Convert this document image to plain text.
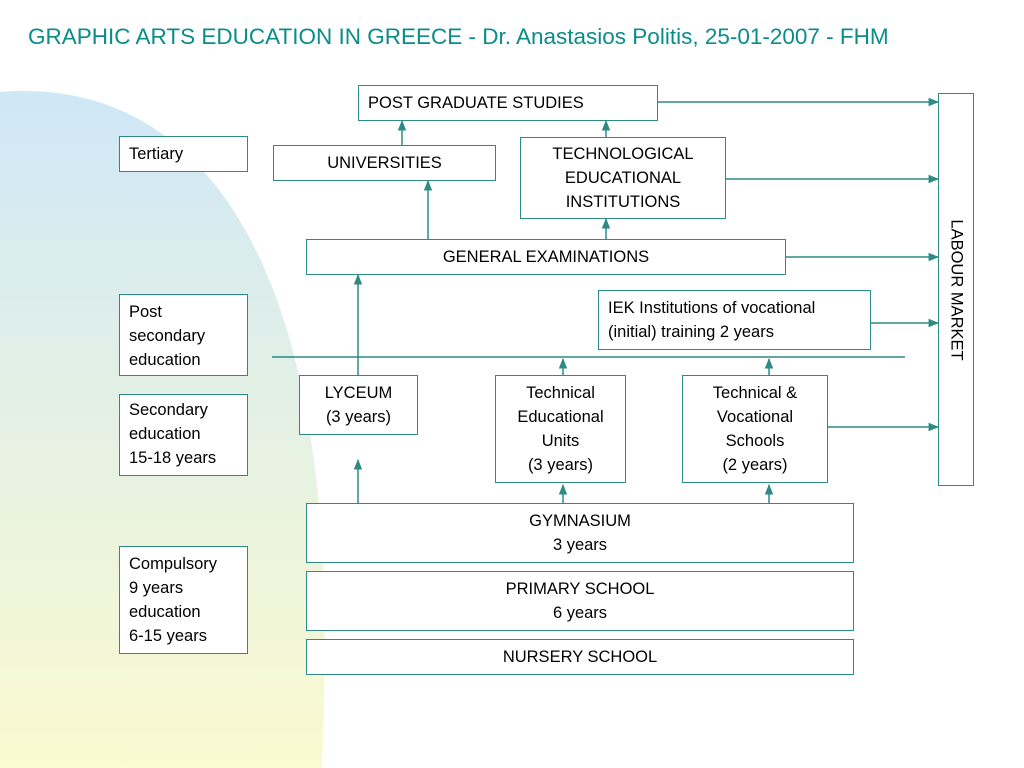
GRAPHIC ARTS EDUCATION IN GREECE - Dr. Anastasios Politis, 25-01-2007 - FHM
Tertiary
Post
secondary
education
Secondary
education
15-18 years
Compulsory
9 years
education
6-15 years
POST GRADUATE STUDIES
UNIVERSITIES	TECHNOLOGICAL
EDUCATIONAL
INSTITUTIONS
GENERAL EXAMINATIONS
IEK Institutions of vocational
(initial) training 2 years
LYCEUM
(3 years)
Technical
Educational
Units
(3 years)
Technical &
Vocational
Schools
(2 years)
GYMNASIUM
3 years
PRIMARY SCHOOL
6 years
NURSERY SCHOOL
LABOUR MARKET
